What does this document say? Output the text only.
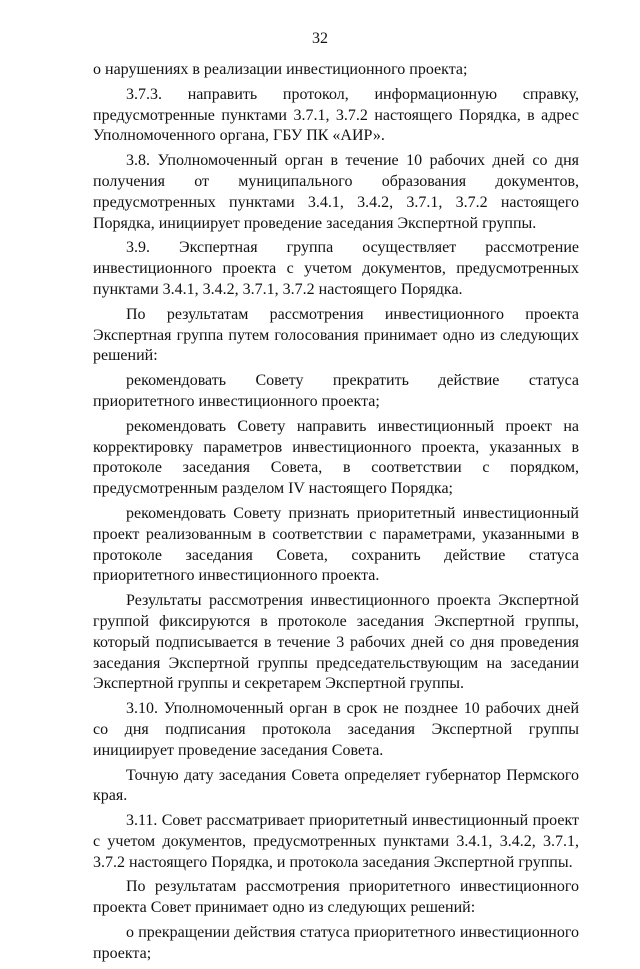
32

о нарушениях в реализации инвестиционного проекта;

3.7.3. направить протокол, информационную справку, предусмотренные пунктами 3.7.1, 3.7.2 настоящего Порядка, в адрес Уполномоченного органа, ГБУ ПК «АИР».

3.8. Уполномоченный орган в течение 10 рабочих дней со дня получения от муниципального образования документов, предусмотренных пунктами 3.4.1, 3.4.2, 3.7.1, 3.7.2 настоящего Порядка, инициирует проведение заседания Экспертной группы.

3.9. Экспертная группа осуществляет рассмотрение инвестиционного проекта с учетом документов, предусмотренных пунктами 3.4.1, 3.4.2, 3.7.1, 3.7.2 настоящего Порядка.

По результатам рассмотрения инвестиционного проекта Экспертная группа путем голосования принимает одно из следующих решений:

рекомендовать Совету прекратить действие статуса приоритетного инвестиционного проекта;

рекомендовать Совету направить инвестиционный проект на корректировку параметров инвестиционного проекта, указанных в протоколе заседания Совета, в соответствии с порядком, предусмотренным разделом IV настоящего Порядка;

рекомендовать Совету признать приоритетный инвестиционный проект реализованным в соответствии с параметрами, указанными в протоколе заседания Совета, сохранить действие статуса приоритетного инвестиционного проекта.

Результаты рассмотрения инвестиционного проекта Экспертной группой фиксируются в протоколе заседания Экспертной группы, который подписывается в течение 3 рабочих дней со дня проведения заседания Экспертной группы председательствующим на заседании Экспертной группы и секретарем Экспертной группы.

3.10. Уполномоченный орган в срок не позднее 10 рабочих дней со дня подписания протокола заседания Экспертной группы инициирует проведение заседания Совета.

Точную дату заседания Совета определяет губернатор Пермского края.

3.11. Совет рассматривает приоритетный инвестиционный проект с учетом документов, предусмотренных пунктами 3.4.1, 3.4.2, 3.7.1, 3.7.2 настоящего Порядка, и протокола заседания Экспертной группы.

По результатам рассмотрения приоритетного инвестиционного проекта Совет принимает одно из следующих решений:

о прекращении действия статуса приоритетного инвестиционного проекта;
